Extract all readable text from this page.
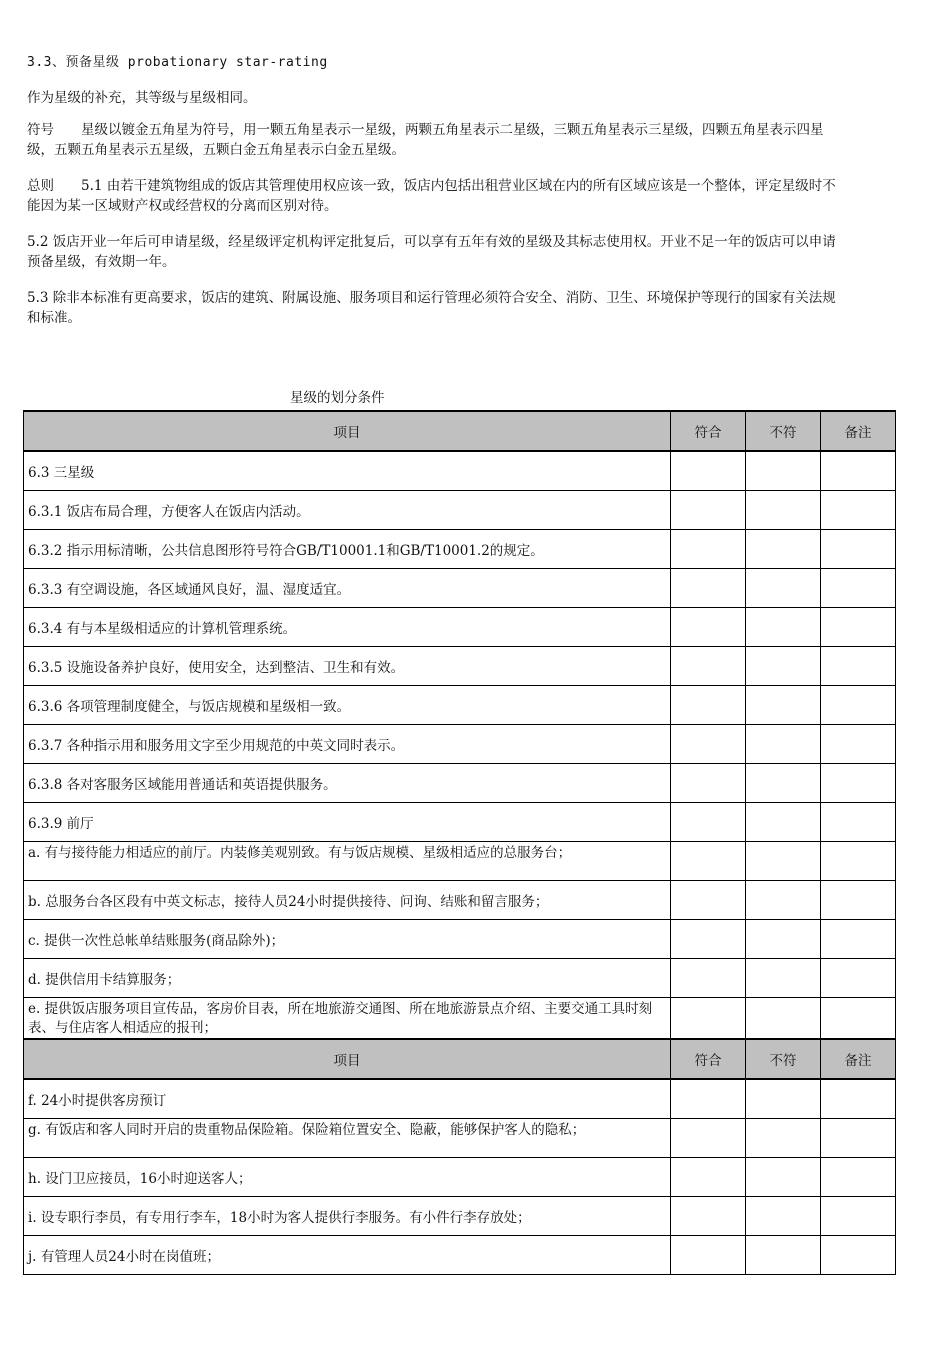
3.3、预备星级 probationary star-rating

作为星级的补充，其等级与星级相同。

符号　　星级以镀金五角星为符号，用一颗五角星表示一星级，两颗五角星表示二星级，三颗五角星表示三星级，四颗五角星表示四星级，五颗五角星表示五星级，五颗白金五角星表示白金五星级。

总则　　5.1 由若干建筑物组成的饭店其管理使用权应该一致，饭店内包括出租营业区域在内的所有区域应该是一个整体，评定星级时不能因为某一区域财产权或经营权的分离而区别对待。

5.2 饭店开业一年后可申请星级，经星级评定机构评定批复后，可以享有五年有效的星级及其标志使用权。开业不足一年的饭店可以申请预备星级，有效期一年。

5.3 除非本标准有更高要求，饭店的建筑、附属设施、服务项目和运行管理必须符合安全、消防、卫生、环境保护等现行的国家有关法规和标准。

星级的划分条件
项目	符合	不符	备注
6.3 三星级			
6.3.1 饭店布局合理，方便客人在饭店内活动。			
6.3.2 指示用标清晰，公共信息图形符号符合GB/T10001.1和GB/T10001.2的规定。			
6.3.3 有空调设施，各区域通风良好，温、湿度适宜。			
6.3.4 有与本星级相适应的计算机管理系统。			
6.3.5 设施设备养护良好，使用安全，达到整洁、卫生和有效。			
6.3.6 各项管理制度健全，与饭店规模和星级相一致。			
6.3.7 各种指示用和服务用文字至少用规范的中英文同时表示。			
6.3.8 各对客服务区域能用普通话和英语提供服务。			
6.3.9 前厅			
a. 有与接待能力相适应的前厅。内装修美观别致。有与饭店规模、星级相适应的总服务台；			
b. 总服务台各区段有中英文标志，接待人员24小时提供接待、问询、结账和留言服务；			
c. 提供一次性总帐单结账服务(商品除外)；			
d. 提供信用卡结算服务；			
e. 提供饭店服务项目宣传品，客房价目表，所在地旅游交通图、所在地旅游景点介绍、主要交通工具时刻表、与住店客人相适应的报刊；			
项目	符合	不符	备注
f. 24小时提供客房预订			
g. 有饭店和客人同时开启的贵重物品保险箱。保险箱位置安全、隐蔽，能够保护客人的隐私；			
h. 设门卫应接员，16小时迎送客人；			
i. 设专职行李员，有专用行李车，18小时为客人提供行李服务。有小件行李存放处；			
j. 有管理人员24小时在岗值班；			
